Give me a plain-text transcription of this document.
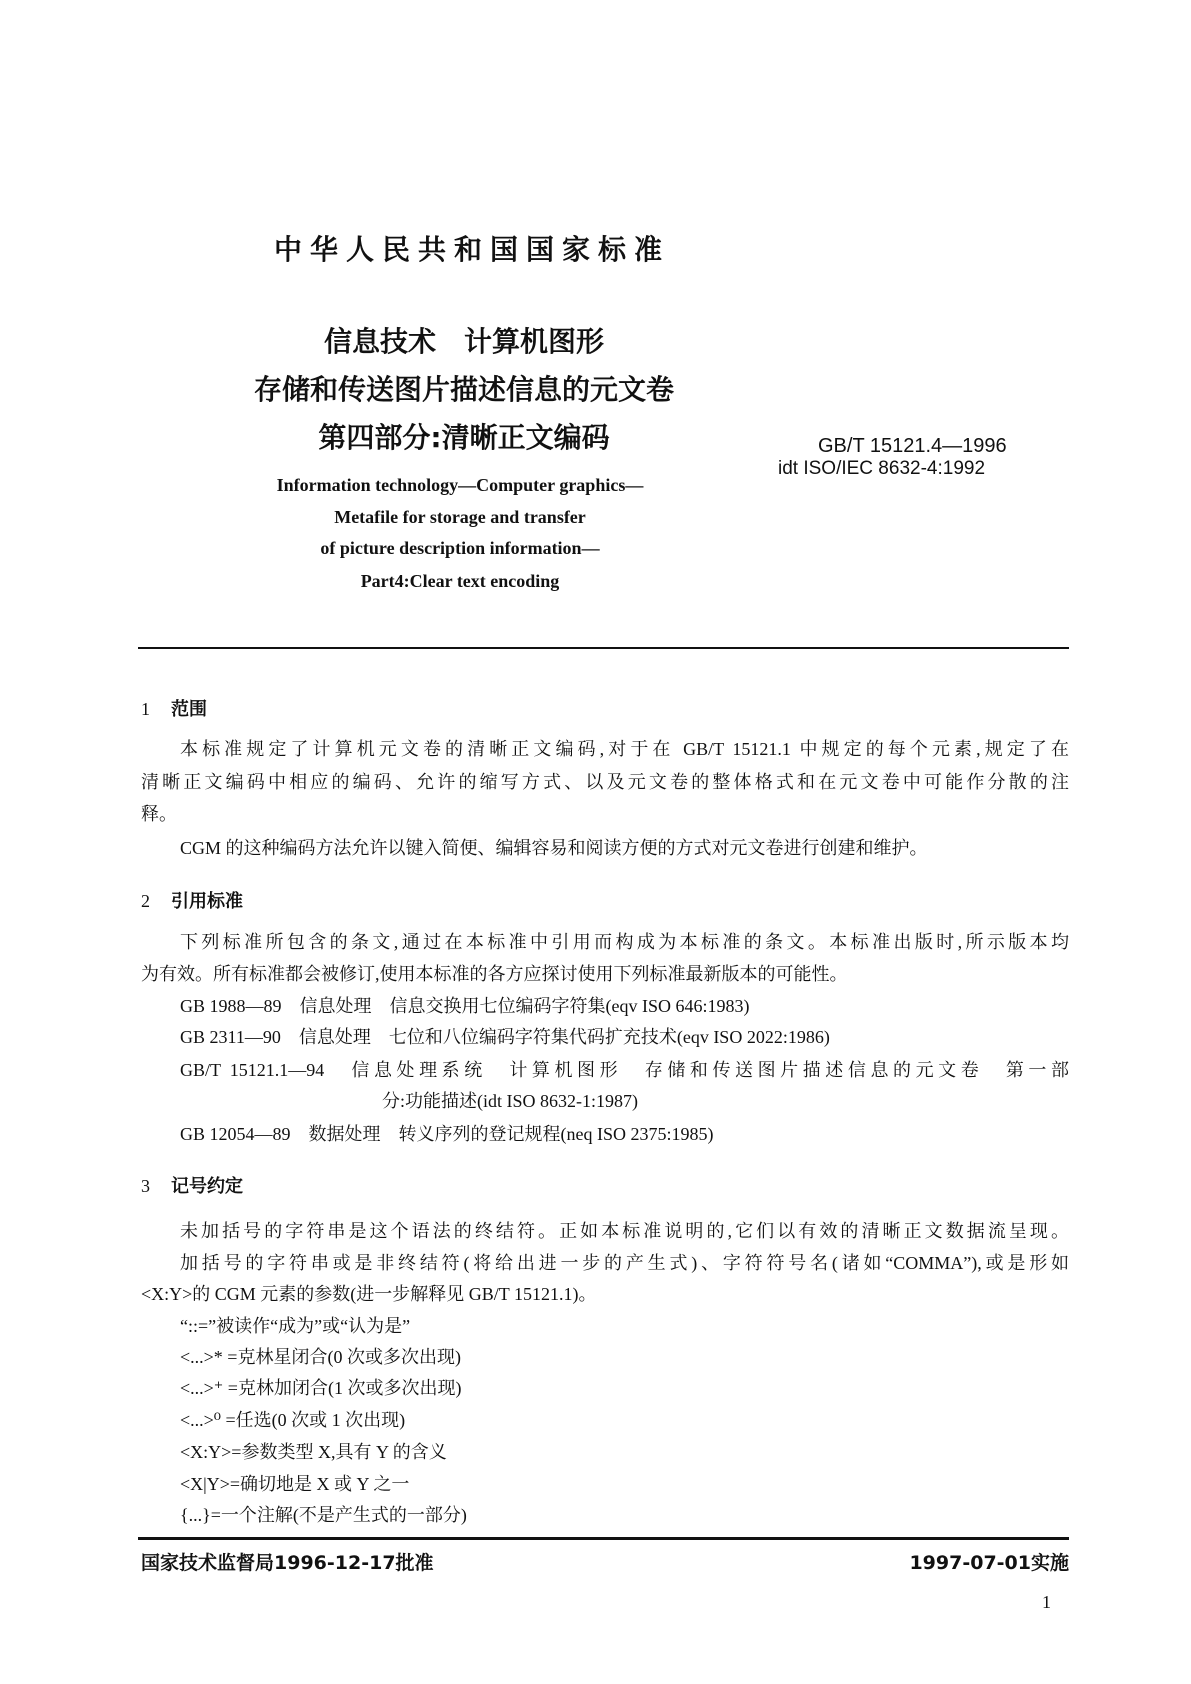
中华人民共和国国家标准
信息技术　计算机图形
存储和传送图片描述信息的元文卷
第四部分:清晰正文编码	GB/T 15121.4—1996
idt ISO/IEC 8632-4:1992
Information technology—Computer graphics—
Metafile for storage and transfer
of picture description information—
Part4:Clear text encoding
1 范围
本标准规定了计算机元文卷的清晰正文编码,对于在 GB/T 15121.1 中规定的每个元素,规定了在
清晰正文编码中相应的编码、允许的缩写方式、以及元文卷的整体格式和在元文卷中可能作分散的注
释。
CGM 的这种编码方法允许以键入简便、编辑容易和阅读方便的方式对元文卷进行创建和维护。
2 引用标准
下列标准所包含的条文,通过在本标准中引用而构成为本标准的条文。本标准出版时,所示版本均
为有效。所有标准都会被修订,使用本标准的各方应探讨使用下列标准最新版本的可能性。
GB 1988—89　信息处理　信息交换用七位编码字符集(eqv ISO 646:1983)
GB 2311—90　信息处理　七位和八位编码字符集代码扩充技术(eqv ISO 2022:1986)
GB/T 15121.1—94　信息处理系统　计算机图形　存储和传送图片描述信息的元文卷　第一部
分:功能描述(idt ISO 8632-1:1987)
GB 12054—89　数据处理　转义序列的登记规程(neq ISO 2375:1985)
3 记号约定
未加括号的字符串是这个语法的终结符。正如本标准说明的,它们以有效的清晰正文数据流呈现。
加括号的字符串或是非终结符(将给出进一步的产生式)、字符符号名(诸如“COMMA”),或是形如
<X:Y>的 CGM 元素的参数(进一步解释见 GB/T 15121.1)。
“::=”被读作“成为”或“认为是”
<...>* =克林星闭合(0 次或多次出现)
<...>⁺ =克林加闭合(1 次或多次出现)
<...>⁰ =任选(0 次或 1 次出现)
<X:Y>=参数类型 X,具有 Y 的含义
<X|Y>=确切地是 X 或 Y 之一
{...}=一个注解(不是产生式的一部分)
国家技术监督局1996-12-17批准	1997-07-01实施
1
